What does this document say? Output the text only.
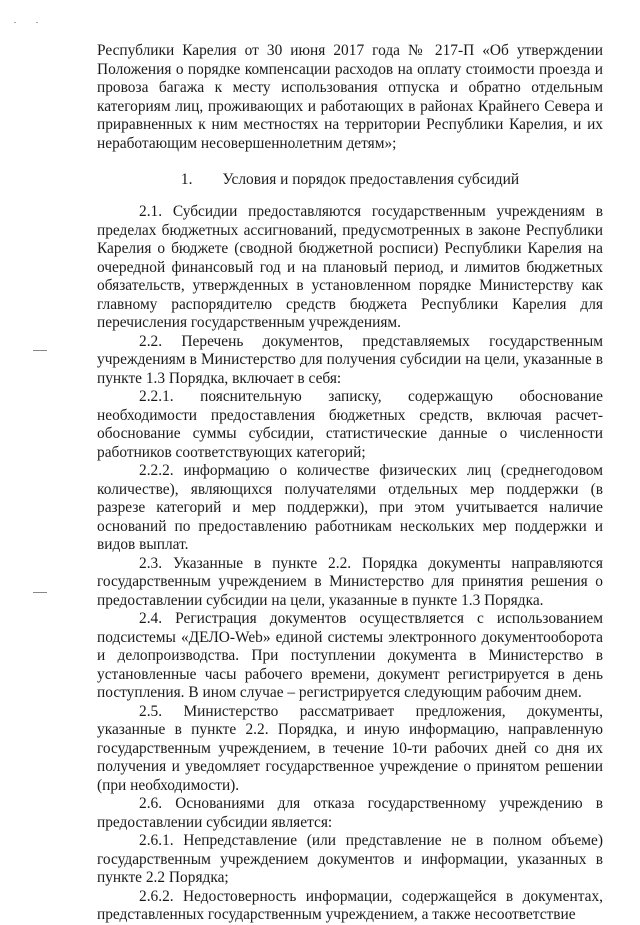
Республики Карелия от 30 июня 2017 года № 217-П «Об утверждении Положения о порядке компенсации расходов на оплату стоимости проезда и провоза багажа к месту использования отпуска и обратно отдельным категориям лиц, проживающих и работающих в районах Крайнего Севера и приравненных к ним местностях на территории Республики Карелия, и их неработающим несовершеннолетним детям»;

1. Условия и порядок предоставления субсидий

2.1. Субсидии предоставляются государственным учреждениям в пределах бюджетных ассигнований, предусмотренных в законе Республики Карелия о бюджете (сводной бюджетной росписи) Республики Карелия на очередной финансовый год и на плановый период, и лимитов бюджетных обязательств, утвержденных в установленном порядке Министерству как главному распорядителю средств бюджета Республики Карелия для перечисления государственным учреждениям.

2.2. Перечень документов, представляемых государственным учреждениям в Министерство для получения субсидии на цели, указанные в пункте 1.3 Порядка, включает в себя:

2.2.1. пояснительную записку, содержащую обоснование необходимости предоставления бюджетных средств, включая расчет-обоснование суммы субсидии, статистические данные о численности работников соответствующих категорий;

2.2.2. информацию о количестве физических лиц (среднегодовом количестве), являющихся получателями отдельных мер поддержки (в разрезе категорий и мер поддержки), при этом учитывается наличие оснований по предоставлению работникам нескольких мер поддержки и видов выплат.

2.3. Указанные в пункте 2.2. Порядка документы направляются государственным учреждением в Министерство для принятия решения о предоставлении субсидии на цели, указанные в пункте 1.3 Порядка.

2.4. Регистрация документов осуществляется с использованием подсистемы «ДЕЛО-Web» единой системы электронного документооборота и делопроизводства. При поступлении документа в Министерство в установленные часы рабочего времени, документ регистрируется в день поступления. В ином случае – регистрируется следующим рабочим днем.

2.5. Министерство рассматривает предложения, документы, указанные в пункте 2.2. Порядка, и иную информацию, направленную государственным учреждением, в течение 10-ти рабочих дней со дня их получения и уведомляет государственное учреждение о принятом решении (при необходимости).

2.6. Основаниями для отказа государственному учреждению в предоставлении субсидии является:

2.6.1. Непредставление (или представление не в полном объеме) государственным учреждением документов и информации, указанных в пункте 2.2 Порядка;

2.6.2. Недостоверность информации, содержащейся в документах, представленных государственным учреждением, а также несоответствие
